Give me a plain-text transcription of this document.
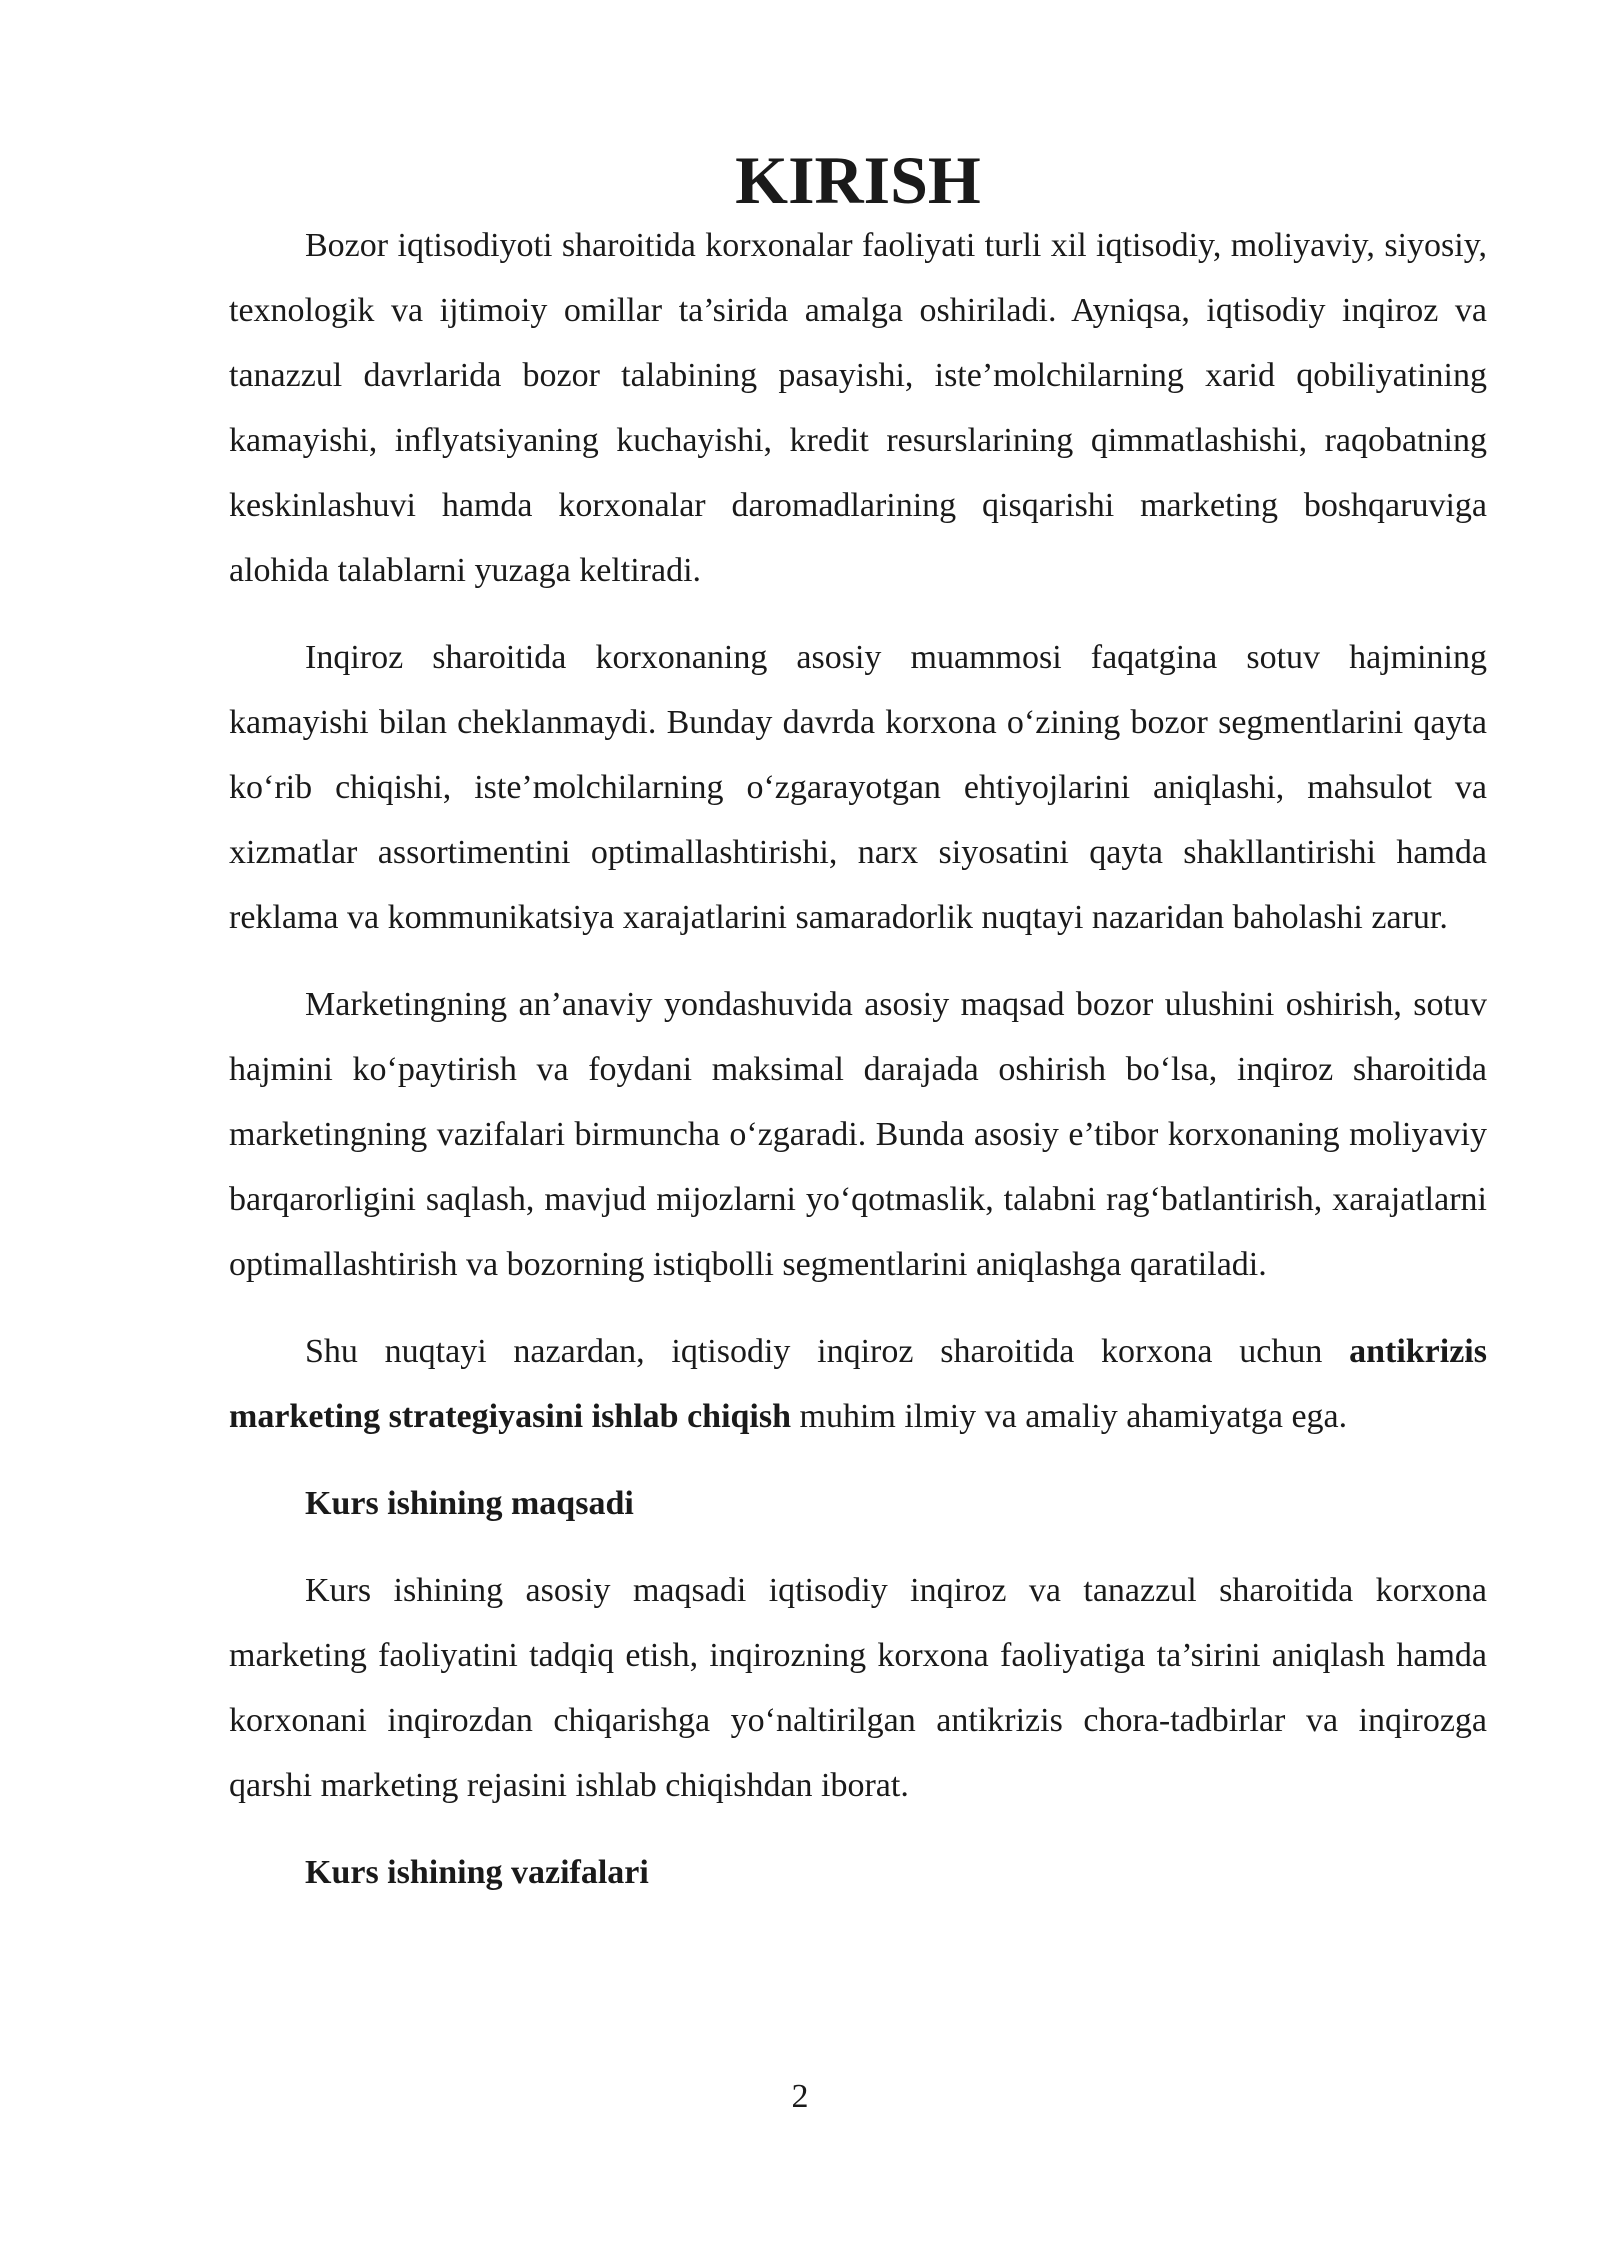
KIRISH

Bozor iqtisodiyoti sharoitida korxonalar faoliyati turli xil iqtisodiy, moliyaviy, siyosiy, texnologik va ijtimoiy omillar ta’sirida amalga oshiriladi. Ayniqsa, iqtisodiy inqiroz va tanazzul davrlarida bozor talabining pasayishi, iste’molchilarning xarid qobiliyatining kamayishi, inflyatsiyaning kuchayishi, kredit resurslarining qimmatlashishi, raqobatning keskinlashuvi hamda korxonalar daromadlarining qisqarishi marketing boshqaruviga alohida talablarni yuzaga keltiradi.

Inqiroz sharoitida korxonaning asosiy muammosi faqatgina sotuv hajmining kamayishi bilan cheklanmaydi. Bunday davrda korxona o‘zining bozor segmentlarini qayta ko‘rib chiqishi, iste’molchilarning o‘zgarayotgan ehtiyojlarini aniqlashi, mahsulot va xizmatlar assortimentini optimallashtirishi, narx siyosatini qayta shakllantirishi hamda reklama va kommunikatsiya xarajatlarini samaradorlik nuqtayi nazaridan baholashi zarur.

Marketingning an’anaviy yondashuvida asosiy maqsad bozor ulushini oshirish, sotuv hajmini ko‘paytirish va foydani maksimal darajada oshirish bo‘lsa, inqiroz sharoitida marketingning vazifalari birmuncha o‘zgaradi. Bunda asosiy e’tibor korxonaning moliyaviy barqarorligini saqlash, mavjud mijozlarni yo‘qotmaslik, talabni rag‘batlantirish, xarajatlarni optimallashtirish va bozorning istiqbolli segmentlarini aniqlashga qaratiladi.

Shu nuqtayi nazardan, iqtisodiy inqiroz sharoitida korxona uchun antikrizis marketing strategiyasini ishlab chiqish muhim ilmiy va amaliy ahamiyatga ega.

Kurs ishining maqsadi

Kurs ishining asosiy maqsadi iqtisodiy inqiroz va tanazzul sharoitida korxona marketing faoliyatini tadqiq etish, inqirozning korxona faoliyatiga ta’sirini aniqlash hamda korxonani inqirozdan chiqarishga yo‘naltirilgan antikrizis chora-tadbirlar va inqirozga qarshi marketing rejasini ishlab chiqishdan iborat.

Kurs ishining vazifalari

2
